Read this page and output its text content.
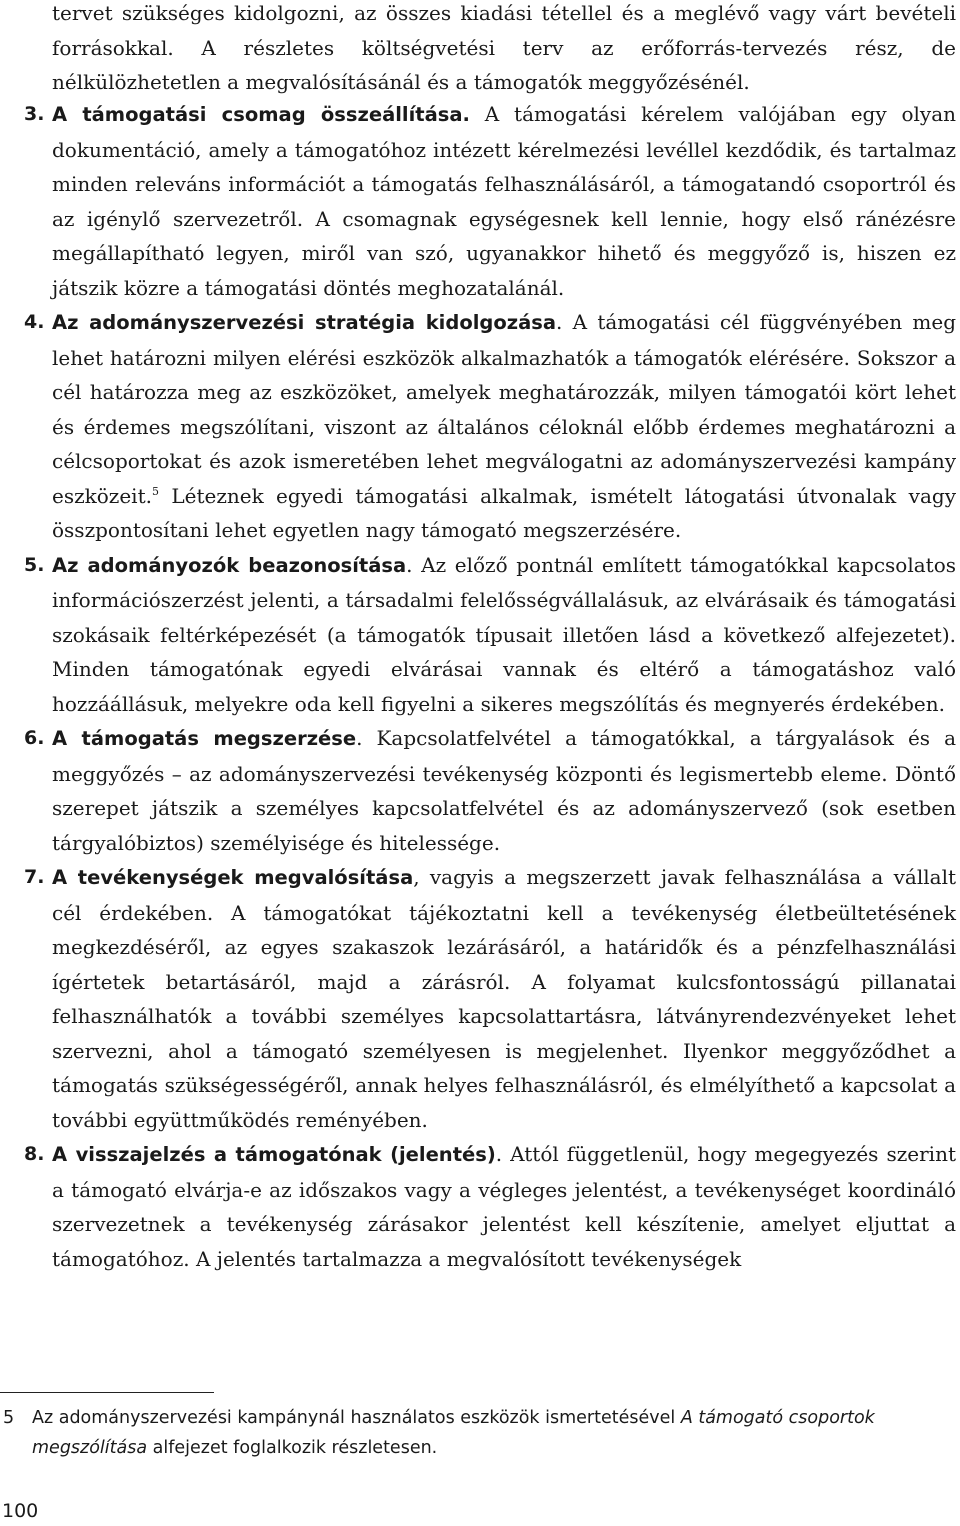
tervet szükséges kidolgozni, az összes kiadási tétellel és a meglévő vagy várt bevételi forrásokkal. A részletes költségvetési terv az erőforrás-tervezés rész, de nélkülözhetetlen a megvalósításánál és a támogatók meggyőzésénél.

3. A támogatási csomag összeállítása. A támogatási kérelem valójában egy olyan dokumentáció, amely a támogatóhoz intézett kérelmezési levéllel kezdődik, és tartalmaz minden releváns információt a támogatás felhasználásáról, a támogatandó csoportról és az igénylő szervezetről. A csomagnak egységesnek kell lennie, hogy első ránézésre megállapítható legyen, miről van szó, ugyanakkor hihető és meggyőző is, hiszen ez játszik közre a támogatási döntés meghozatalánál.
4. Az adományszervezési stratégia kidolgozása. A támogatási cél függvényében meg lehet határozni milyen elérési eszközök alkalmazhatók a támogatók elérésére. Sokszor a cél határozza meg az eszközöket, amelyek meghatározzák, milyen támogatói kört lehet és érdemes megszólítani, viszont az általános céloknál előbb érdemes meghatározni a célcsoportokat és azok ismeretében lehet megválogatni az adományszervezési kampány eszközeit.$^5$ Léteznek egyedi támogatási alkalmak, ismételt látogatási útvonalak vagy összpontosítani lehet egyetlen nagy támogató megszerzésére.
5. Az adományozók beazonosítása. Az előző pontnál említett támogatókkal kapcsolatos információszerzést jelenti, a társadalmi felelősségvállalásuk, az elvárásaik és támogatási szokásaik feltérképezését (a támogatók típusait illetően lásd a következő alfejezetet). Minden támogatónak egyedi elvárásai vannak és eltérő a támogatáshoz való hozzáállásuk, melyekre oda kell figyelni a sikeres megszólítás és megnyerés érdekében.
6. A támogatás megszerzése. Kapcsolatfelvétel a támogatókkal, a tárgyalások és a meggyőzés – az adományszervezési tevékenység központi és legismertebb eleme. Döntő szerepet játszik a személyes kapcsolatfelvétel és az adományszervező (sok esetben tárgyalóbiztos) személyisége és hitelessége.
7. A tevékenységek megvalósítása, vagyis a megszerzett javak felhasználása a vállalt cél érdekében. A támogatókat tájékoztatni kell a tevékenység életbeültetésének megkezdéséről, az egyes szakaszok lezárásáról, a határidők és a pénzfelhasználási ígértetek betartásáról, majd a zárásról. A folyamat kulcsfontosságú pillanatai felhasználhatók a további személyes kapcsolattartásra, látványrendezvényeket lehet szervezni, ahol a támogató személyesen is megjelenhet. Ilyenkor meggyőződhet a támogatás szükségességéről, annak helyes felhasználásról, és elmélyíthető a kapcsolat a további együttműködés reményében.
8. A visszajelzés a támogatónak (jelentés). Attól függetlenül, hogy megegyezés szerint a támogató elvárja-e az időszakos vagy a végleges jelentést, a tevékenységet koordináló szervezetnek a tevékenység zárásakor jelentést kell készítenie, amelyet eljuttat a támogatóhoz. A jelentés tartalmazza a megvalósított tevékenységek
5 Az adományszervezési kampánynál használatos eszközök ismertetésével A támogató csoportok megszólítása alfejezet foglalkozik részletesen.
100
